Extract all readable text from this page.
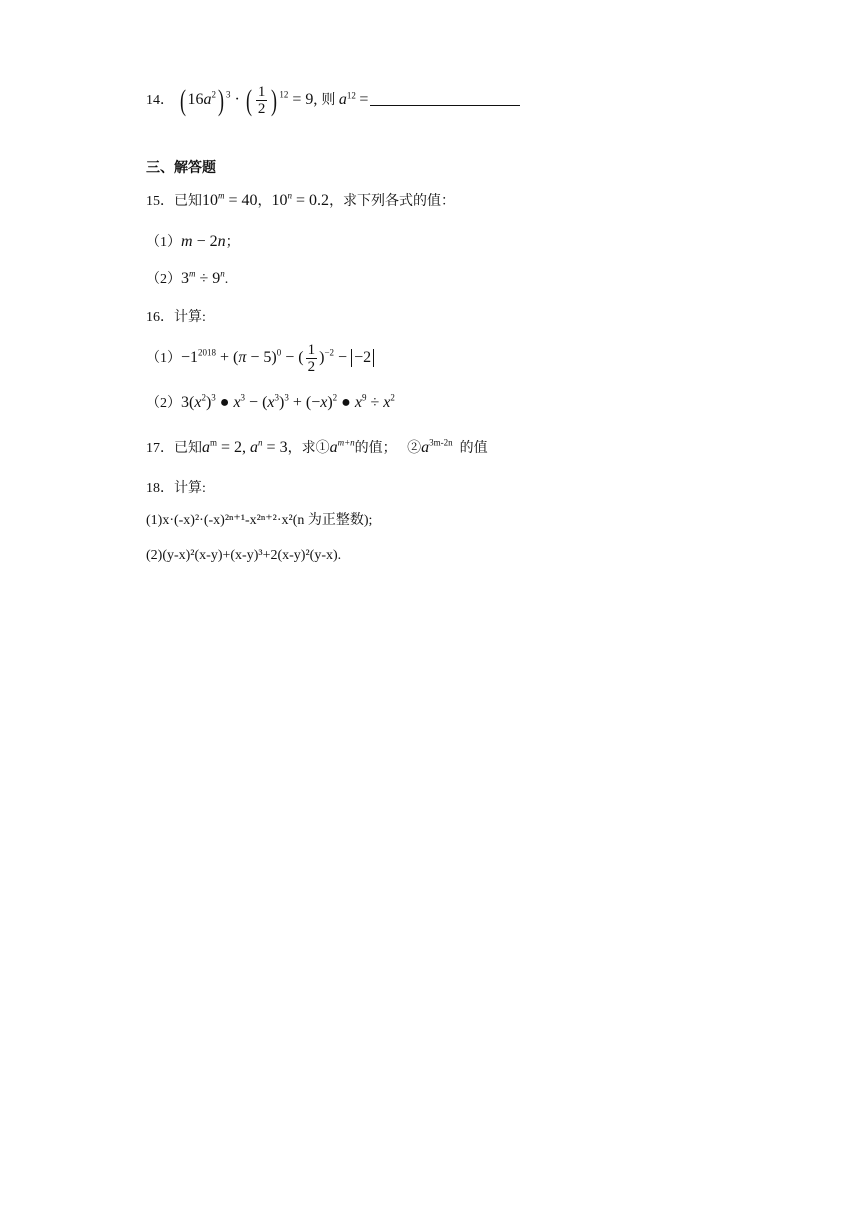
14． ( $16a^2$) $^3$ · ( $\frac{1}{2}$ ) $^{12}$ = 9, 则 $a^{12}$ =
三、解答题
15．已知$10^m = 40$，$10^n = 0.2$，求下列各式的值：
（1）m − 2n；
$(2)3^m \div 9^n$.
16．计算:
$(1)-1^{2018} + (\pi - 5)^0$ − ( $\frac{1}{2} )^{-2} - -2$
$(2)3(x^2)^3$ ● $x^3 - (x^3)^3 + (-x)^2$ ● $x^9 \div x^2$
17．已知$a^m = 2$, $a^n = 3$，求$①a^{m+n}$的值； $②a^{3m-2n}$ 的值
18．计算:
(1)x·(-x)²·(-x)²ⁿ⁺¹-x²ⁿ⁺²·x²(n 为正整数);
(2)(y-x)²(x-y)+(x-y)³+2(x-y)²(y-x).
